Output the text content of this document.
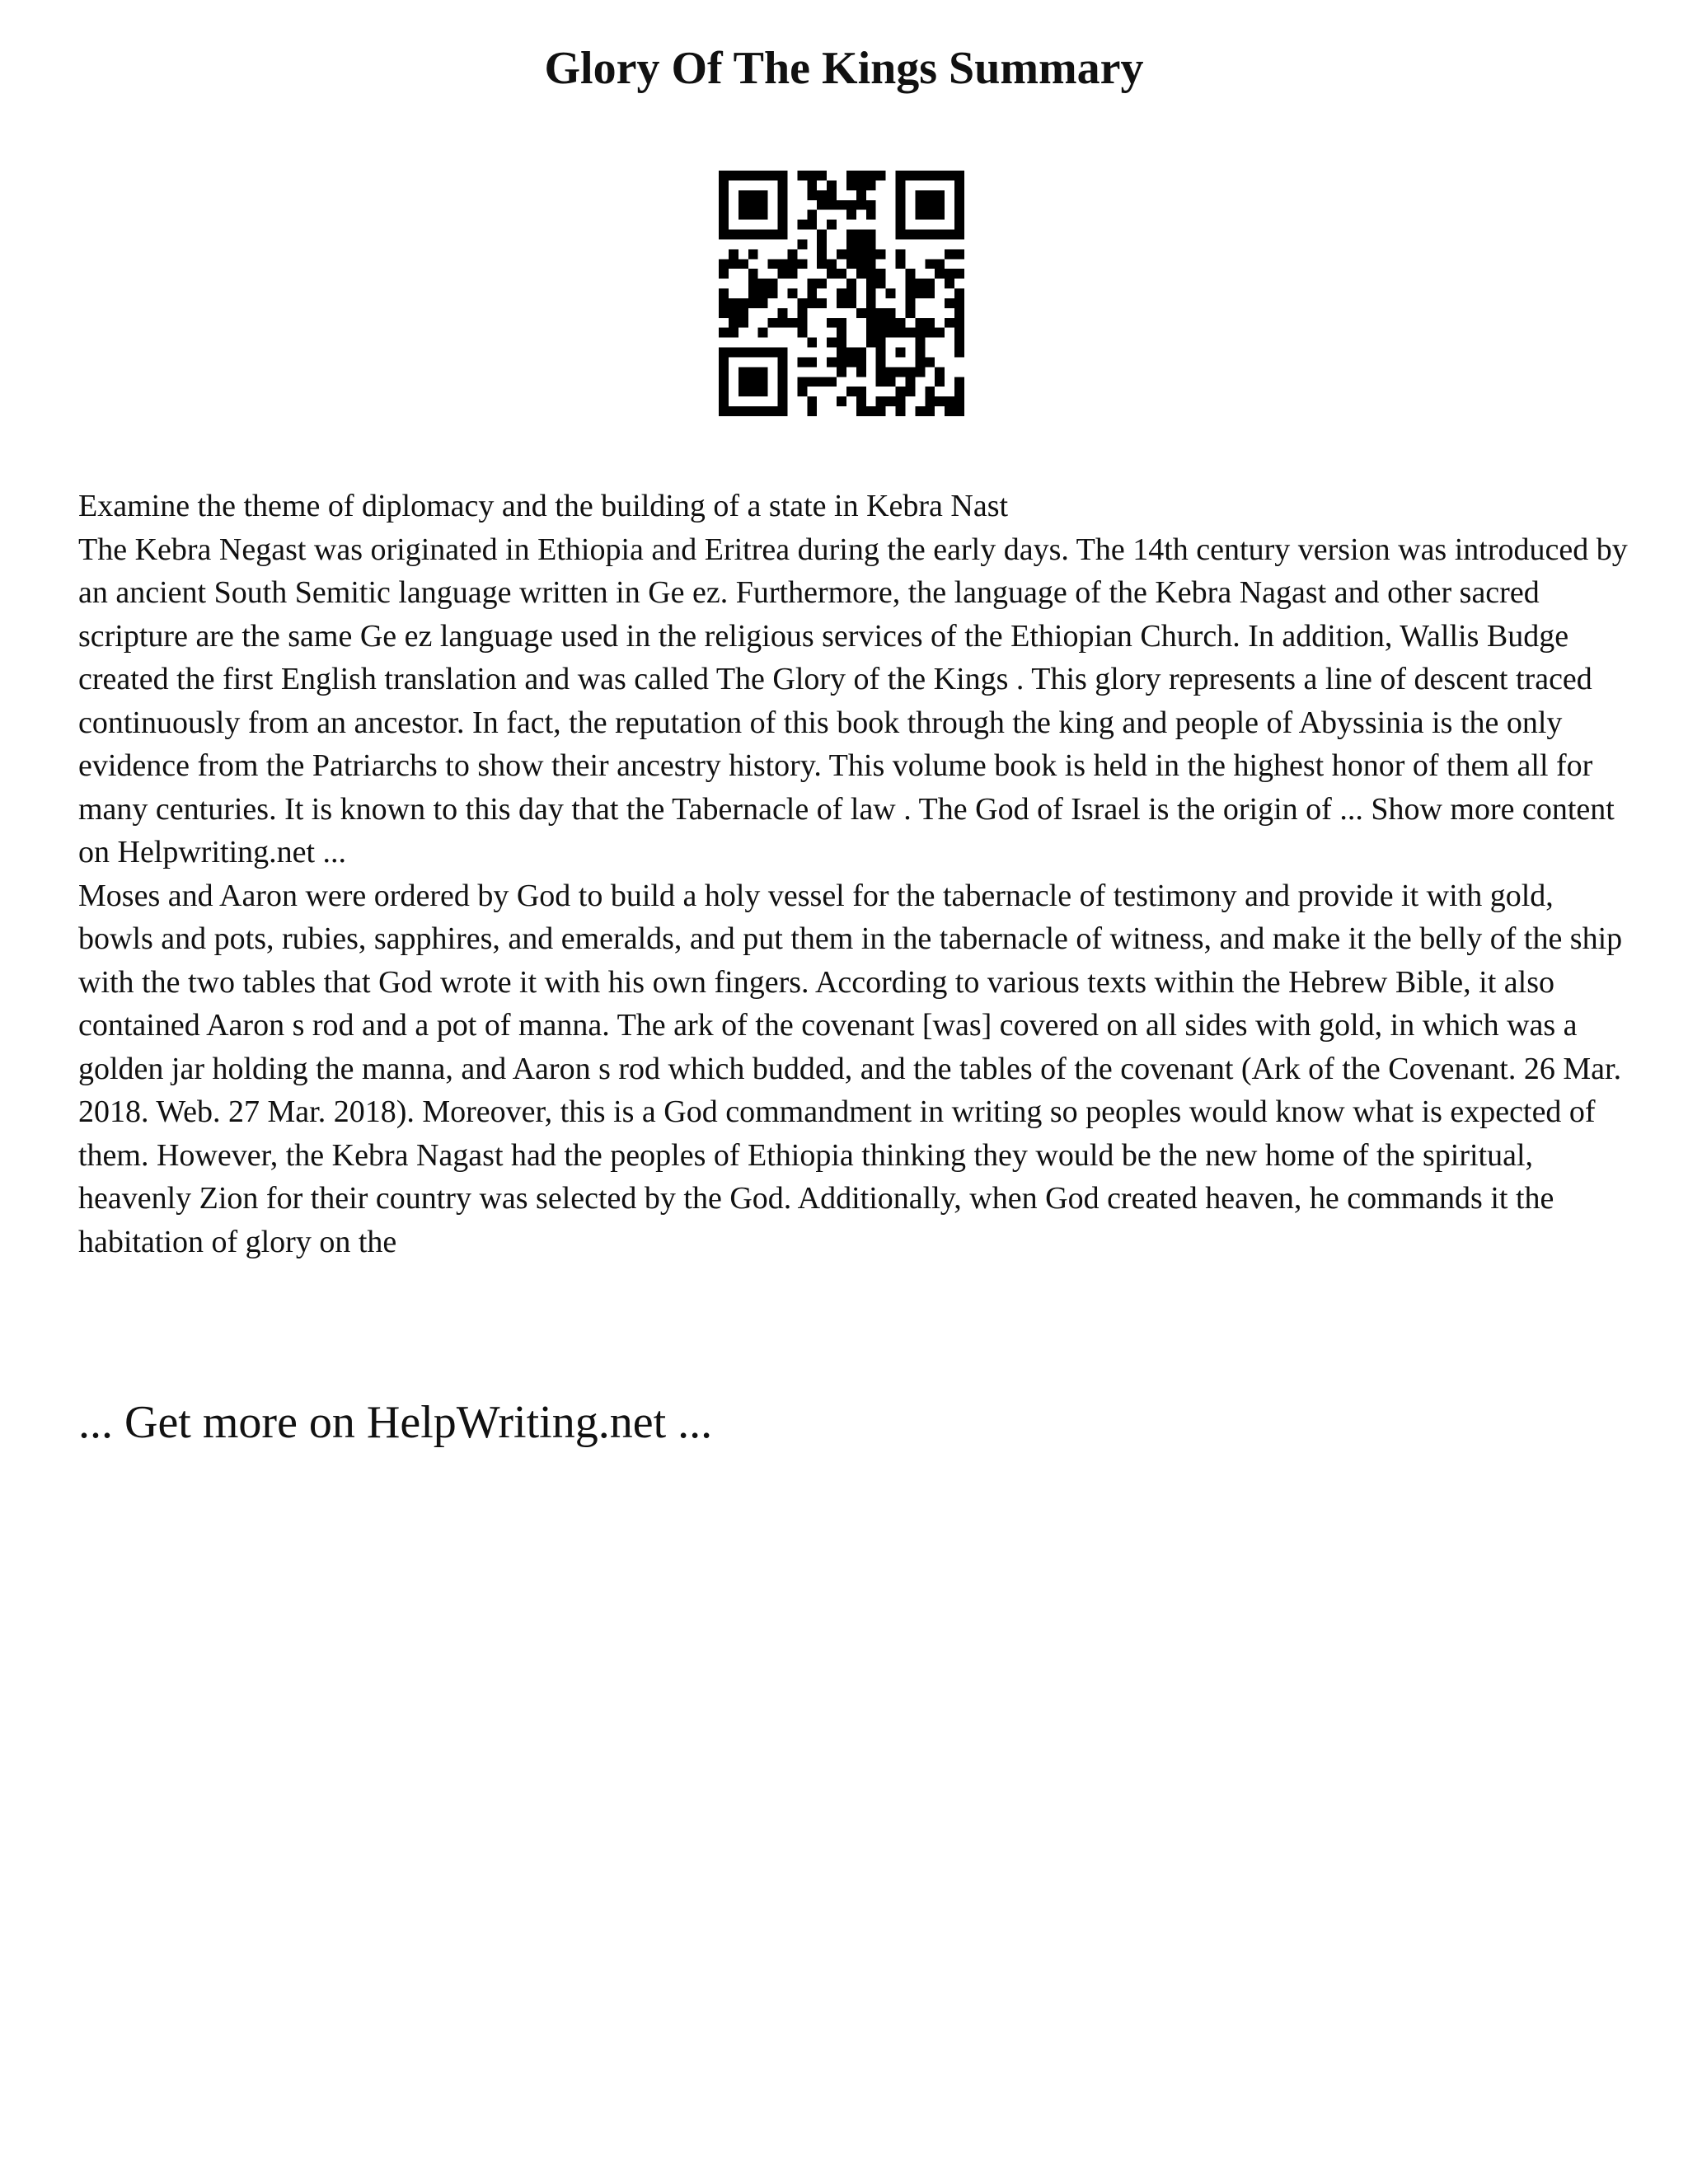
Glory Of The Kings Summary

Examine the theme of diplomacy and the building of a state in Kebra Nast

The Kebra Negast was originated in Ethiopia and Eritrea during the early days. The 14th century version was introduced by an ancient South Semitic language written in Ge ez. Furthermore, the language of the Kebra Nagast and other sacred scripture are the same Ge ez language used in the religious services of the Ethiopian Church. In addition, Wallis Budge created the first English translation and was called The Glory of the Kings . This glory represents a line of descent traced continuously from an ancestor. In fact, the reputation of this book through the king and people of Abyssinia is the only evidence from the Patriarchs to show their ancestry history. This volume book is held in the highest honor of them all for many centuries. It is known to this day that the Tabernacle of law . The God of Israel is the origin of ... Show more content on Helpwriting.net ...

Moses and Aaron were ordered by God to build a holy vessel for the tabernacle of testimony and provide it with gold, bowls and pots, rubies, sapphires, and emeralds, and put them in the tabernacle of witness, and make it the belly of the ship with the two tables that God wrote it with his own fingers. According to various texts within the Hebrew Bible, it also contained Aaron s rod and a pot of manna. The ark of the covenant [was] covered on all sides with gold, in which was a golden jar holding the manna, and Aaron s rod which budded, and the tables of the covenant (Ark of the Covenant. 26 Mar. 2018. Web. 27 Mar. 2018). Moreover, this is a God commandment in writing so peoples would know what is expected of them. However, the Kebra Nagast had the peoples of Ethiopia thinking they would be the new home of the spiritual, heavenly Zion for their country was selected by the God. Additionally, when God created heaven, he commands it the habitation of glory on the

... Get more on HelpWriting.net ...
